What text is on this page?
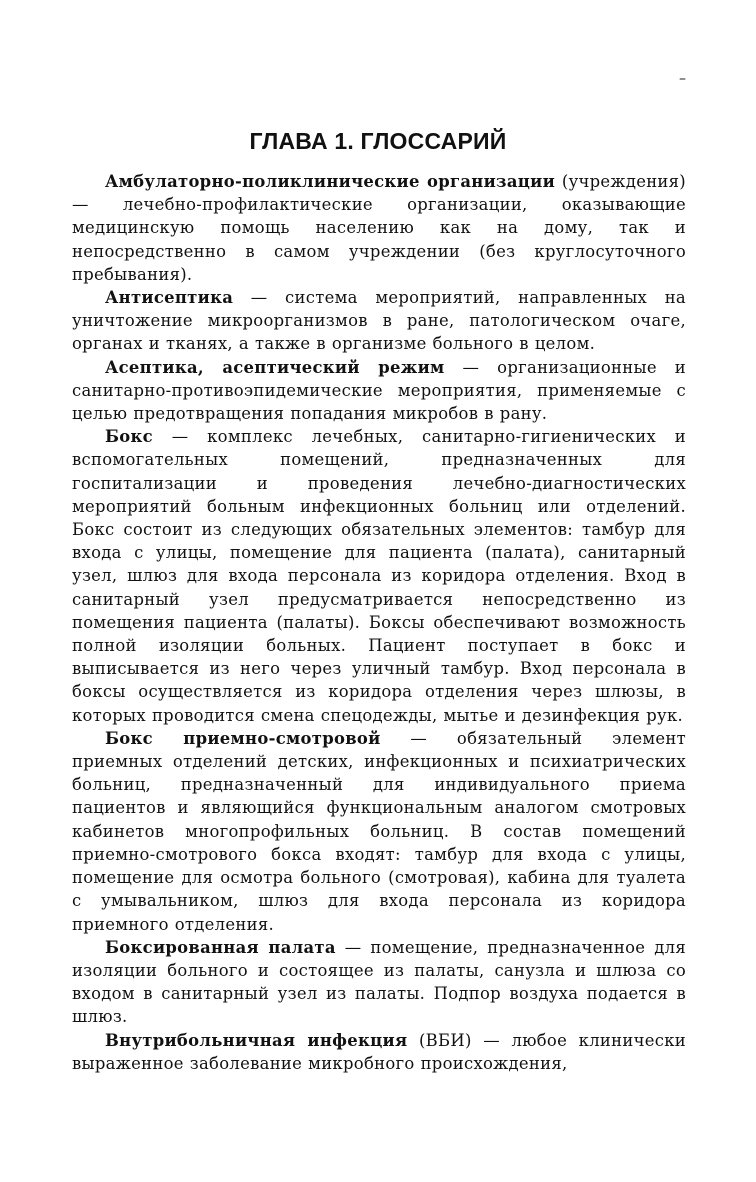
–
ГЛАВА 1. ГЛОССАРИЙ

Амбулаторно-поликлинические организации (учреждения) — лечебно-профилактические организации, оказывающие медицинскую помощь населению как на дому, так и непосредственно в самом учреждении (без круглосуточного пребывания).

Антисептика — система мероприятий, направленных на уничтожение микроорганизмов в ране, патологическом очаге, органах и тканях, а также в организме больного в целом.

Асептика, асептический режим — организационные и санитарно-противоэпидемические мероприятия, применяемые с целью предотвращения попадания микробов в рану.

Бокс — комплекс лечебных, санитарно-гигиенических и вспомогательных помещений, предназначенных для госпитализации и проведения лечебно-диагностических мероприятий больным инфекционных больниц или отделений. Бокс состоит из следующих обязательных элементов: тамбур для входа с улицы, помещение для пациента (палата), санитарный узел, шлюз для входа персонала из коридора отделения. Вход в санитарный узел предусматривается непосредственно из помещения пациента (палаты). Боксы обеспечивают возможность полной изоляции больных. Пациент поступает в бокс и выписывается из него через уличный тамбур. Вход персонала в боксы осуществляется из коридора отделения через шлюзы, в которых проводится смена спецодежды, мытье и дезинфекция рук.

Бокс приемно-смотровой — обязательный элемент приемных отделений детских, инфекционных и психиатрических больниц, предназначенный для индивидуального приема пациентов и являющийся функциональным аналогом смотровых кабинетов многопрофильных больниц. В состав помещений приемно-смотрового бокса входят: тамбур для входа с улицы, помещение для осмотра больного (смотровая), кабина для туалета с умывальником, шлюз для входа персонала из коридора приемного отделения.

Боксированная палата — помещение, предназначенное для изоляции больного и состоящее из палаты, санузла и шлюза со входом в санитарный узел из палаты. Подпор воздуха подается в шлюз.

Внутрибольничная инфекция (ВБИ) — любое клинически выраженное заболевание микробного происхождения,
